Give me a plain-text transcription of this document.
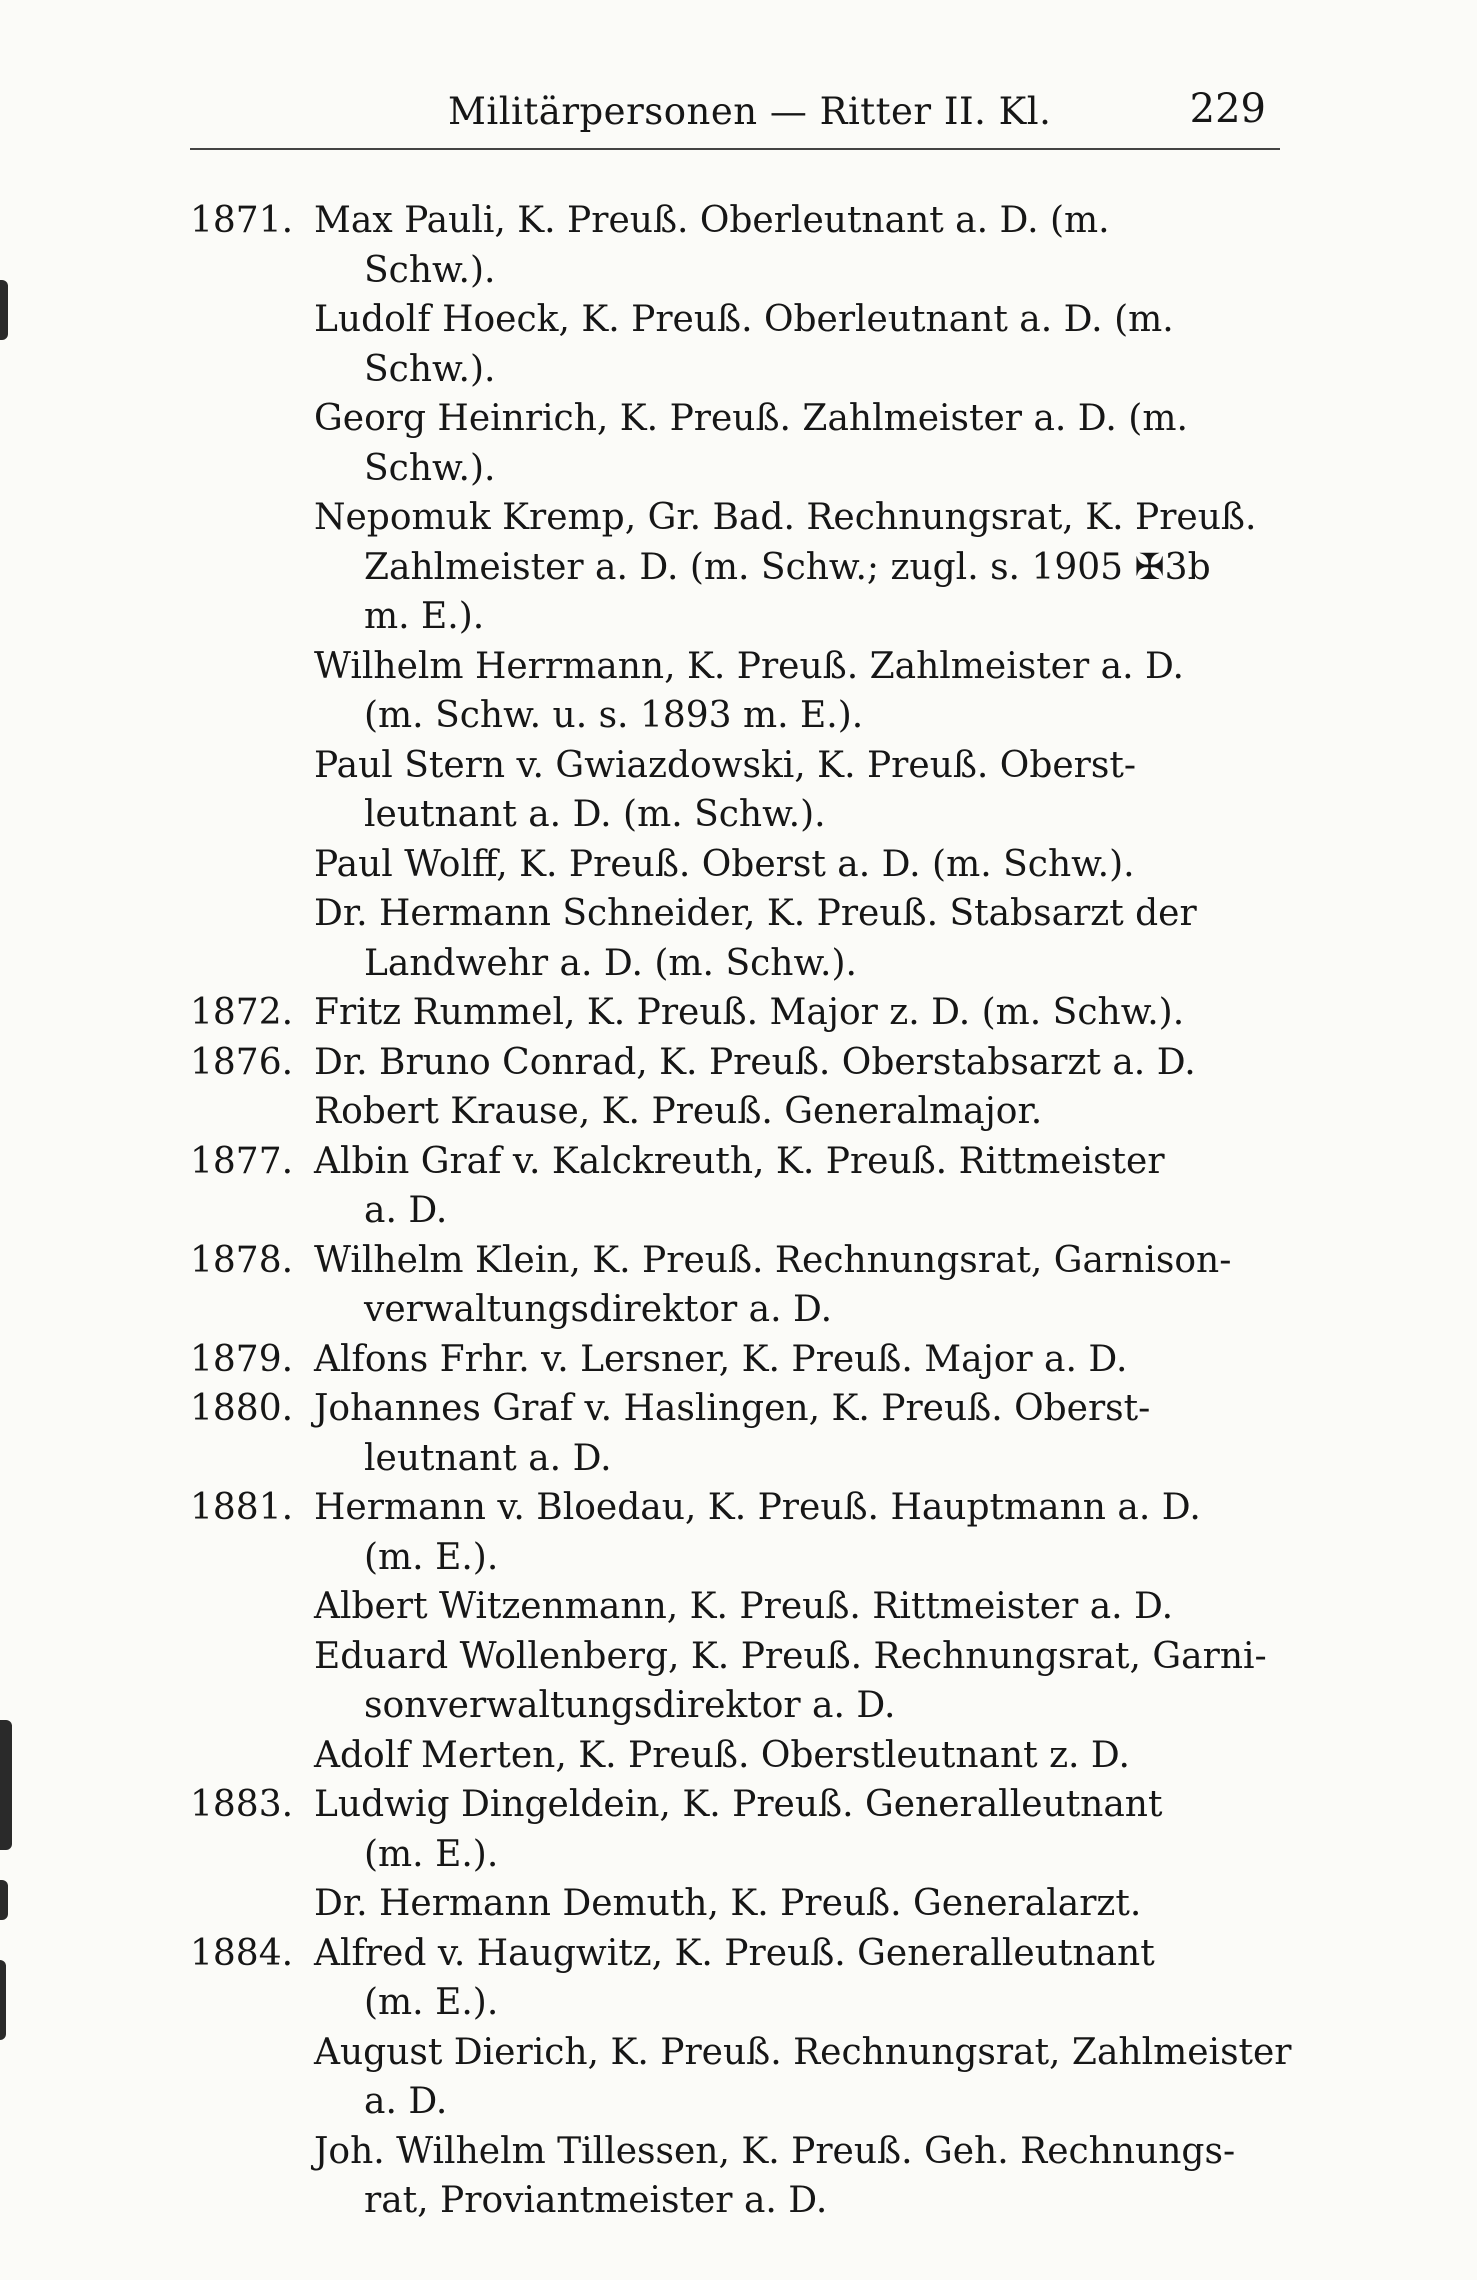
Militärpersonen — Ritter II. Kl.	229
1871. Max Pauli, K. Preuß. Oberleutnant a. D. (m.
Schw.).
Ludolf Hoeck, K. Preuß. Oberleutnant a. D. (m.
Schw.).
Georg Heinrich, K. Preuß. Zahlmeister a. D. (m.
Schw.).
Nepomuk Kremp, Gr. Bad. Rechnungsrat, K. Preuß.
Zahlmeister a. D. (m. Schw.; zugl. s. 1905 ✠3b
m. E.).
Wilhelm Herrmann, K. Preuß. Zahlmeister a. D.
(m. Schw. u. s. 1893 m. E.).
Paul Stern v. Gwiazdowski, K. Preuß. Oberst-
leutnant a. D. (m. Schw.).
Paul Wolff, K. Preuß. Oberst a. D. (m. Schw.).
Dr. Hermann Schneider, K. Preuß. Stabsarzt der
Landwehr a. D. (m. Schw.).
1872. Fritz Rummel, K. Preuß. Major z. D. (m. Schw.).
1876. Dr. Bruno Conrad, K. Preuß. Oberstabsarzt a. D.
Robert Krause, K. Preuß. Generalmajor.
1877. Albin Graf v. Kalckreuth, K. Preuß. Rittmeister
a. D.
1878. Wilhelm Klein, K. Preuß. Rechnungsrat, Garnison-
verwaltungsdirektor a. D.
1879. Alfons Frhr. v. Lersner, K. Preuß. Major a. D.
1880. Johannes Graf v. Haslingen, K. Preuß. Oberst-
leutnant a. D.
1881. Hermann v. Bloedau, K. Preuß. Hauptmann a. D.
(m. E.).
Albert Witzenmann, K. Preuß. Rittmeister a. D.
Eduard Wollenberg, K. Preuß. Rechnungsrat, Garni-
sonverwaltungsdirektor a. D.
Adolf Merten, K. Preuß. Oberstleutnant z. D.
1883. Ludwig Dingeldein, K. Preuß. Generalleutnant
(m. E.).
Dr. Hermann Demuth, K. Preuß. Generalarzt.
1884. Alfred v. Haugwitz, K. Preuß. Generalleutnant
(m. E.).
August Dierich, K. Preuß. Rechnungsrat, Zahlmeister
a. D.
Joh. Wilhelm Tillessen, K. Preuß. Geh. Rechnungs-
rat, Proviantmeister a. D.
